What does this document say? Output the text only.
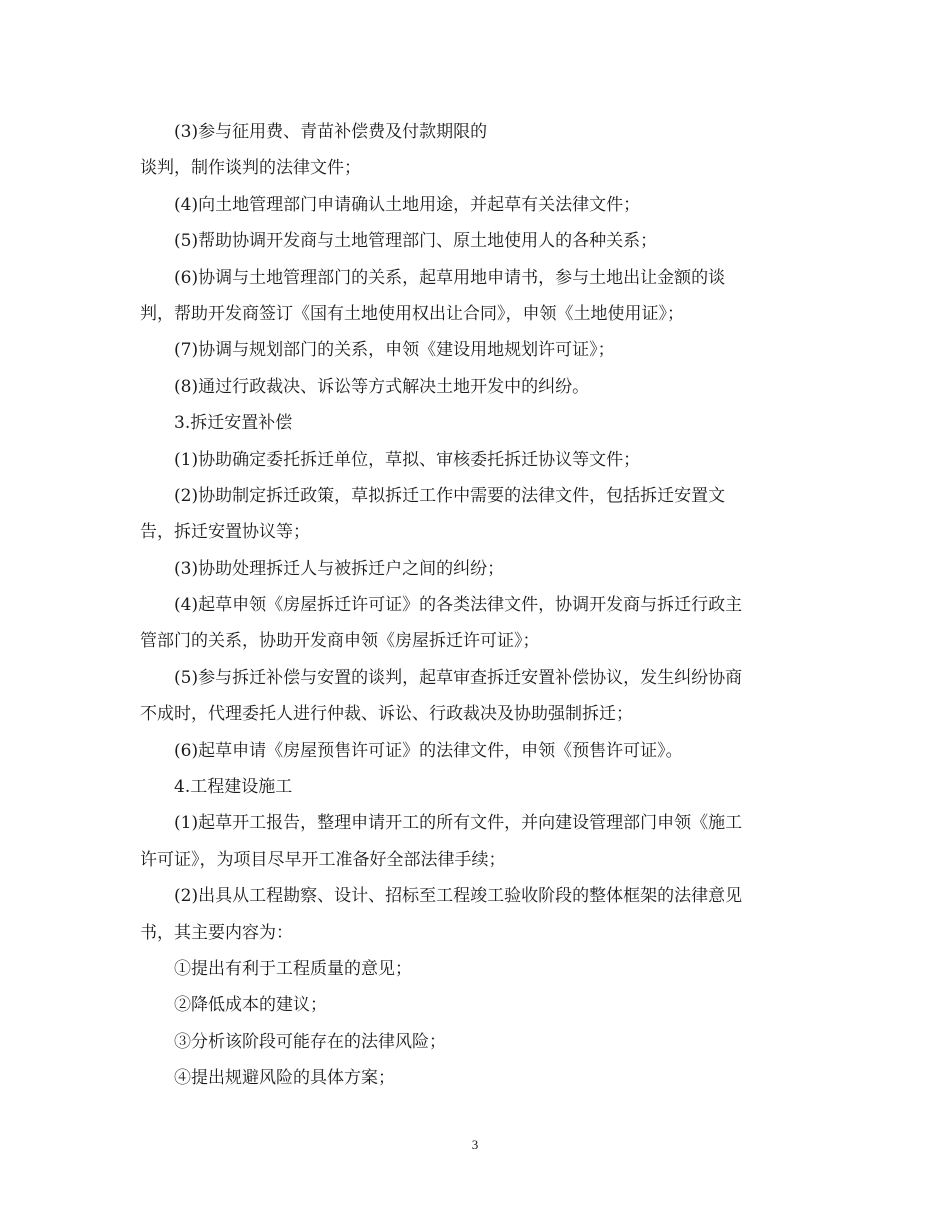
(3)参与征用费、青苗补偿费及付款期限的
谈判，制作谈判的法律文件；
(4)向土地管理部门申请确认土地用途，并起草有关法律文件；
(5)帮助协调开发商与土地管理部门、原土地使用人的各种关系；
(6)协调与土地管理部门的关系，起草用地申请书，参与土地出让金额的谈
判，帮助开发商签订《国有土地使用权出让合同》，申领《土地使用证》；
(7)协调与规划部门的关系，申领《建设用地规划许可证》；
(8)通过行政裁决、诉讼等方式解决土地开发中的纠纷。
3.拆迁安置补偿
(1)协助确定委托拆迁单位，草拟、审核委托拆迁协议等文件；
(2)协助制定拆迁政策，草拟拆迁工作中需要的法律文件，包括拆迁安置文
告，拆迁安置协议等；
(3)协助处理拆迁人与被拆迁户之间的纠纷；
(4)起草申领《房屋拆迁许可证》的各类法律文件，协调开发商与拆迁行政主
管部门的关系，协助开发商申领《房屋拆迁许可证》；
(5)参与拆迁补偿与安置的谈判，起草审查拆迁安置补偿协议，发生纠纷协商
不成时，代理委托人进行仲裁、诉讼、行政裁决及协助强制拆迁；
(6)起草申请《房屋预售许可证》的法律文件，申领《预售许可证》。
4.工程建设施工
(1)起草开工报告，整理申请开工的所有文件，并向建设管理部门申领《施工
许可证》，为项目尽早开工准备好全部法律手续；
(2)出具从工程勘察、设计、招标至工程竣工验收阶段的整体框架的法律意见
书，其主要内容为：
①提出有利于工程质量的意见；
②降低成本的建议；
③分析该阶段可能存在的法律风险；
④提出规避风险的具体方案；
3
